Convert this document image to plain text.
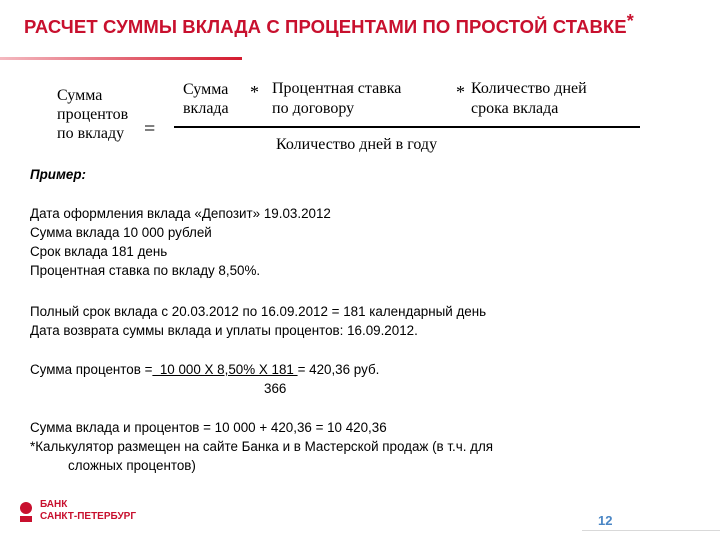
РАСЧЕТ СУММЫ ВКЛАДА С ПРОЦЕНТАМИ ПО ПРОСТОЙ СТАВКЕ*
Сумма
процентов
по вкладу =
Сумма
вклада
* Процентная ставка
по договору
* Количество дней
срока вклада
Количество дней в году
Пример:
Дата оформления вклада «Депозит» 19.03.2012
Сумма вклада 10 000 рублей
Срок вклада 181 день
Процентная ставка по вкладу 8,50%.
Полный срок вклада с 20.03.2012 по 16.09.2012 = 181 календарный день
Дата возврата суммы вклада и уплаты процентов: 16.09.2012.
Сумма процентов =  10 000 X 8,50% X 181 = 420,36 руб.
366
Сумма вклада и процентов = 10 000 + 420,36 = 10 420,36
*Калькулятор размещен на сайте Банка и в Мастерской продаж (в т.ч. для
сложных процентов)
БАНК
САНКТ-ПЕТЕРБУРГ	12
